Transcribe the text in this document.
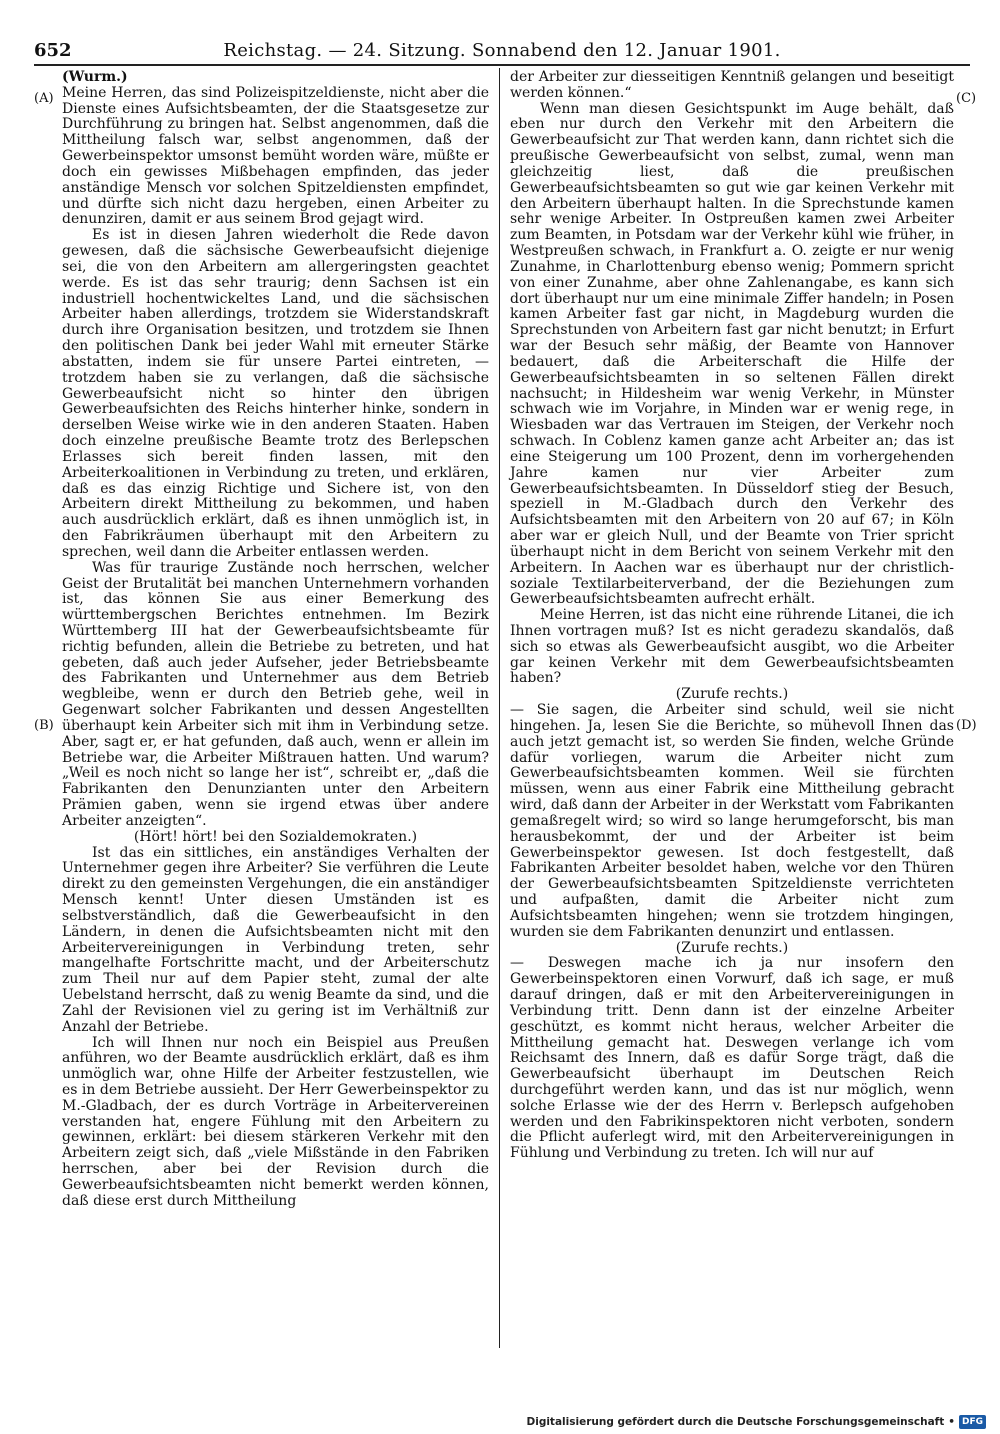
652	Reichstag. — 24. Sitzung. Sonnabend den 12. Januar 1901.
(A)
(B)
(C)
(D)

(Wurm.)

Meine Herren, das sind Polizeispitzeldienste, nicht aber die Dienste eines Aufsichtsbeamten, der die Staatsgesetze zur Durchführung zu bringen hat. Selbst angenommen, daß die Mittheilung falsch war, selbst angenommen, daß der Gewerbeinspektor umsonst bemüht worden wäre, müßte er doch ein gewisses Mißbehagen empfinden, das jeder anständige Mensch vor solchen Spitzeldiensten empfindet, und dürfte sich nicht dazu hergeben, einen Arbeiter zu denunziren, damit er aus seinem Brod gejagt wird.

Es ist in diesen Jahren wiederholt die Rede davon gewesen, daß die sächsische Gewerbeaufsicht diejenige sei, die von den Arbeitern am allergeringsten geachtet werde. Es ist das sehr traurig; denn Sachsen ist ein industriell hochentwickeltes Land, und die sächsischen Arbeiter haben allerdings, trotzdem sie Widerstandskraft durch ihre Organisation besitzen, und trotzdem sie Ihnen den politischen Dank bei jeder Wahl mit erneuter Stärke abstatten, indem sie für unsere Partei eintreten, — trotzdem haben sie zu verlangen, daß die sächsische Gewerbeaufsicht nicht so hinter den übrigen Gewerbeaufsichten des Reichs hinterher hinke, sondern in derselben Weise wirke wie in den anderen Staaten. Haben doch einzelne preußische Beamte trotz des Berlepschen Erlasses sich bereit finden lassen, mit den Arbeiterkoalitionen in Verbindung zu treten, und erklären, daß es das einzig Richtige und Sichere ist, von den Arbeitern direkt Mittheilung zu bekommen, und haben auch ausdrücklich erklärt, daß es ihnen unmöglich ist, in den Fabrikräumen überhaupt mit den Arbeitern zu sprechen, weil dann die Arbeiter entlassen werden.

Was für traurige Zustände noch herrschen, welcher Geist der Brutalität bei manchen Unternehmern vorhanden ist, das können Sie aus einer Bemerkung des württembergschen Berichtes entnehmen. Im Bezirk Württemberg III hat der Gewerbeaufsichtsbeamte für richtig befunden, allein die Betriebe zu betreten, und hat gebeten, daß auch jeder Aufseher, jeder Betriebsbeamte des Fabrikanten und Unternehmer aus dem Betrieb wegbleibe, wenn er durch den Betrieb gehe, weil in Gegenwart solcher Fabrikanten und dessen Angestellten überhaupt kein Arbeiter sich mit ihm in Verbindung setze. Aber, sagt er, er hat gefunden, daß auch, wenn er allein im Betriebe war, die Arbeiter Mißtrauen hatten. Und warum? „Weil es noch nicht so lange her ist“, schreibt er, „daß die Fabrikanten den Denunzianten unter den Arbeitern Prämien gaben, wenn sie irgend etwas über andere Arbeiter anzeigten“.

(Hört! hört! bei den Sozialdemokraten.)

Ist das ein sittliches, ein anständiges Verhalten der Unternehmer gegen ihre Arbeiter? Sie verführen die Leute direkt zu den gemeinsten Vergehungen, die ein anständiger Mensch kennt! Unter diesen Umständen ist es selbstverständlich, daß die Gewerbeaufsicht in den Ländern, in denen die Aufsichtsbeamten nicht mit den Arbeitervereinigungen in Verbindung treten, sehr mangelhafte Fortschritte macht, und der Arbeiterschutz zum Theil nur auf dem Papier steht, zumal der alte Uebelstand herrscht, daß zu wenig Beamte da sind, und die Zahl der Revisionen viel zu gering ist im Verhältniß zur Anzahl der Betriebe.

Ich will Ihnen nur noch ein Beispiel aus Preußen anführen, wo der Beamte ausdrücklich erklärt, daß es ihm unmöglich war, ohne Hilfe der Arbeiter festzustellen, wie es in dem Betriebe aussieht. Der Herr Gewerbeinspektor zu M.-Gladbach, der es durch Vorträge in Arbeitervereinen verstanden hat, engere Fühlung mit den Arbeitern zu gewinnen, erklärt: bei diesem stärkeren Verkehr mit den Arbeitern zeigt sich, daß „viele Mißstände in den Fabriken herrschen, aber bei der Revision durch die Gewerbeaufsichtsbeamten nicht bemerkt werden können, daß diese erst durch Mittheilung

der Arbeiter zur diesseitigen Kenntniß gelangen und beseitigt werden können.“

Wenn man diesen Gesichtspunkt im Auge behält, daß eben nur durch den Verkehr mit den Arbeitern die Gewerbeaufsicht zur That werden kann, dann richtet sich die preußische Gewerbeaufsicht von selbst, zumal, wenn man gleichzeitig liest, daß die preußischen Gewerbeaufsichtsbeamten so gut wie gar keinen Verkehr mit den Arbeitern überhaupt halten. In die Sprechstunde kamen sehr wenige Arbeiter. In Ostpreußen kamen zwei Arbeiter zum Beamten, in Potsdam war der Verkehr kühl wie früher, in Westpreußen schwach, in Frankfurt a. O. zeigte er nur wenig Zunahme, in Charlottenburg ebenso wenig; Pommern spricht von einer Zunahme, aber ohne Zahlenangabe, es kann sich dort überhaupt nur um eine minimale Ziffer handeln; in Posen kamen Arbeiter fast gar nicht, in Magdeburg wurden die Sprechstunden von Arbeitern fast gar nicht benutzt; in Erfurt war der Besuch sehr mäßig, der Beamte von Hannover bedauert, daß die Arbeiterschaft die Hilfe der Gewerbeaufsichtsbeamten in so seltenen Fällen direkt nachsucht; in Hildesheim war wenig Verkehr, in Münster schwach wie im Vorjahre, in Minden war er wenig rege, in Wiesbaden war das Vertrauen im Steigen, der Verkehr noch schwach. In Coblenz kamen ganze acht Arbeiter an; das ist eine Steigerung um 100 Prozent, denn im vorhergehenden Jahre kamen nur vier Arbeiter zum Gewerbeaufsichtsbeamten. In Düsseldorf stieg der Besuch, speziell in M.-Gladbach durch den Verkehr des Aufsichtsbeamten mit den Arbeitern von 20 auf 67; in Köln aber war er gleich Null, und der Beamte von Trier spricht überhaupt nicht in dem Bericht von seinem Verkehr mit den Arbeitern. In Aachen war es überhaupt nur der christlich-soziale Textilarbeiterverband, der die Beziehungen zum Gewerbeaufsichtsbeamten aufrecht erhält.

Meine Herren, ist das nicht eine rührende Litanei, die ich Ihnen vortragen muß? Ist es nicht geradezu skandalös, daß sich so etwas als Gewerbeaufsicht ausgibt, wo die Arbeiter gar keinen Verkehr mit dem Gewerbeaufsichtsbeamten haben?

(Zurufe rechts.)

— Sie sagen, die Arbeiter sind schuld, weil sie nicht hingehen. Ja, lesen Sie die Berichte, so mühevoll Ihnen das auch jetzt gemacht ist, so werden Sie finden, welche Gründe dafür vorliegen, warum die Arbeiter nicht zum Gewerbeaufsichtsbeamten kommen. Weil sie fürchten müssen, wenn aus einer Fabrik eine Mittheilung gebracht wird, daß dann der Arbeiter in der Werkstatt vom Fabrikanten gemaßregelt wird; so wird so lange herumgeforscht, bis man herausbekommt, der und der Arbeiter ist beim Gewerbeinspektor gewesen. Ist doch festgestellt, daß Fabrikanten Arbeiter besoldet haben, welche vor den Thüren der Gewerbeaufsichtsbeamten Spitzeldienste verrichteten und aufpaßten, damit die Arbeiter nicht zum Aufsichtsbeamten hingehen; wenn sie trotzdem hingingen, wurden sie dem Fabrikanten denunzirt und entlassen.

(Zurufe rechts.)

— Deswegen mache ich ja nur insofern den Gewerbeinspektoren einen Vorwurf, daß ich sage, er muß darauf dringen, daß er mit den Arbeitervereinigungen in Verbindung tritt. Denn dann ist der einzelne Arbeiter geschützt, es kommt nicht heraus, welcher Arbeiter die Mittheilung gemacht hat. Deswegen verlange ich vom Reichsamt des Innern, daß es dafür Sorge trägt, daß die Gewerbeaufsicht überhaupt im Deutschen Reich durchgeführt werden kann, und das ist nur möglich, wenn solche Erlasse wie der des Herrn v. Berlepsch aufgehoben werden und den Fabrikinspektoren nicht verboten, sondern die Pflicht auferlegt wird, mit den Arbeitervereinigungen in Fühlung und Verbindung zu treten. Ich will nur auf

Digitalisierung gefördert durch die Deutsche Forschungsgemeinschaft • DFG
